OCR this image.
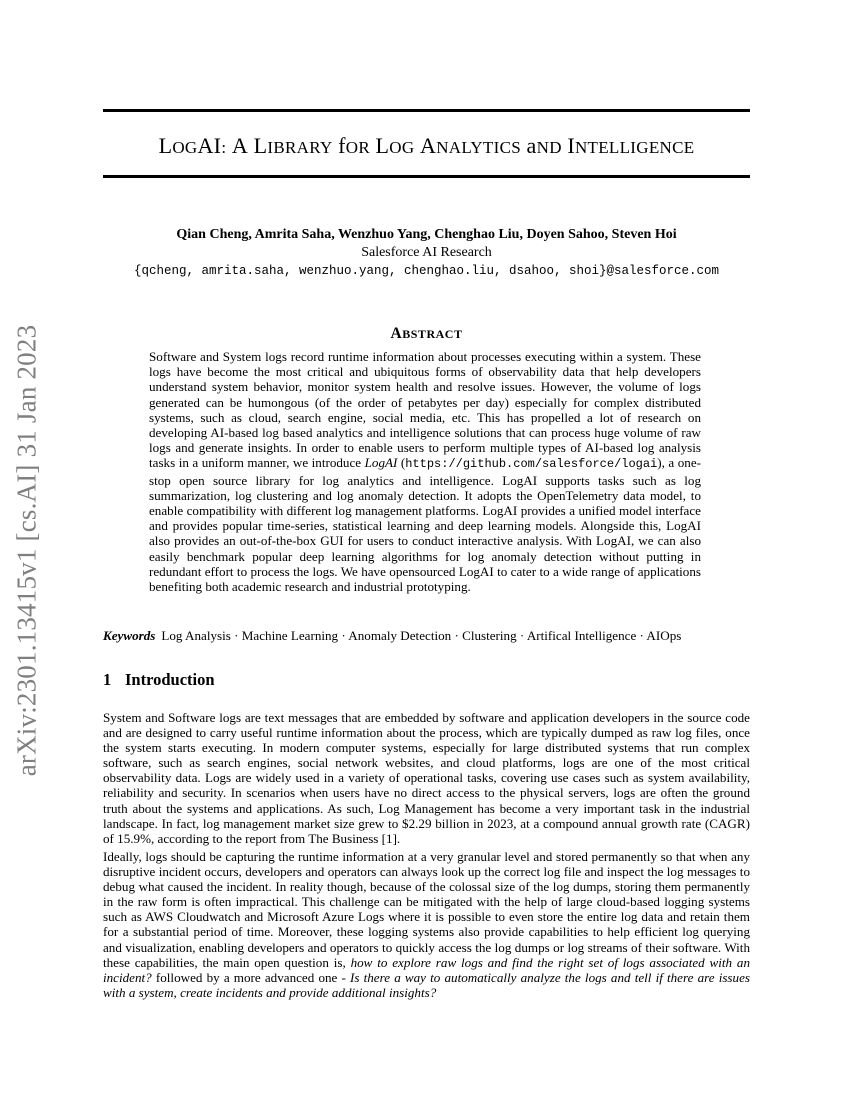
arXiv:2301.13415v1 [cs.AI] 31 Jan 2023
LOGAI: A LIBRARY fOR LOG ANALYTICS aND INTELLIGENCE
Qian Cheng, Amrita Saha, Wenzhuo Yang, Chenghao Liu, Doyen Sahoo, Steven Hoi
Salesforce AI Research
{qcheng, amrita.saha, wenzhuo.yang, chenghao.liu, dsahoo, shoi}@salesforce.com
ABSTRACT

Software and System logs record runtime information about processes executing within a system. These logs have become the most critical and ubiquitous forms of observability data that help developers understand system behavior, monitor system health and resolve issues. However, the volume of logs generated can be humongous (of the order of petabytes per day) especially for complex distributed systems, such as cloud, search engine, social media, etc. This has propelled a lot of research on developing AI-based log based analytics and intelligence solutions that can process huge volume of raw logs and generate insights. In order to enable users to perform multiple types of AI-based log analysis tasks in a uniform manner, we introduce LogAI (https://github.com/salesforce/logai), a one-stop open source library for log analytics and intelligence. LogAI supports tasks such as log summarization, log clustering and log anomaly detection. It adopts the OpenTelemetry data model, to enable compatibility with different log management platforms. LogAI provides a unified model interface and provides popular time-series, statistical learning and deep learning models. Alongside this, LogAI also provides an out-of-the-box GUI for users to conduct interactive analysis. With LogAI, we can also easily benchmark popular deep learning algorithms for log anomaly detection without putting in redundant effort to process the logs. We have opensourced LogAI to cater to a wide range of applications benefiting both academic research and industrial prototyping.

Keywords Log Analysis · Machine Learning · Anomaly Detection · Clustering · Artifical Intelligence · AIOps

1 Introduction

System and Software logs are text messages that are embedded by software and application developers in the source code and are designed to carry useful runtime information about the process, which are typically dumped as raw log files, once the system starts executing. In modern computer systems, especially for large distributed systems that run complex software, such as search engines, social network websites, and cloud platforms, logs are one of the most critical observability data. Logs are widely used in a variety of operational tasks, covering use cases such as system availability, reliability and security. In scenarios when users have no direct access to the physical servers, logs are often the ground truth about the systems and applications. As such, Log Management has become a very important task in the industrial landscape. In fact, log management market size grew to $2.29 billion in 2023, at a compound annual growth rate (CAGR) of 15.9%, according to the report from The Business [1].

Ideally, logs should be capturing the runtime information at a very granular level and stored permanently so that when any disruptive incident occurs, developers and operators can always look up the correct log file and inspect the log messages to debug what caused the incident. In reality though, because of the colossal size of the log dumps, storing them permanently in the raw form is often impractical. This challenge can be mitigated with the help of large cloud-based logging systems such as AWS Cloudwatch and Microsoft Azure Logs where it is possible to even store the entire log data and retain them for a substantial period of time. Moreover, these logging systems also provide capabilities to help efficient log querying and visualization, enabling developers and operators to quickly access the log dumps or log streams of their software. With these capabilities, the main open question is, how to explore raw logs and find the right set of logs associated with an incident? followed by a more advanced one - Is there a way to automatically analyze the logs and tell if there are issues with a system, create incidents and provide additional insights?
